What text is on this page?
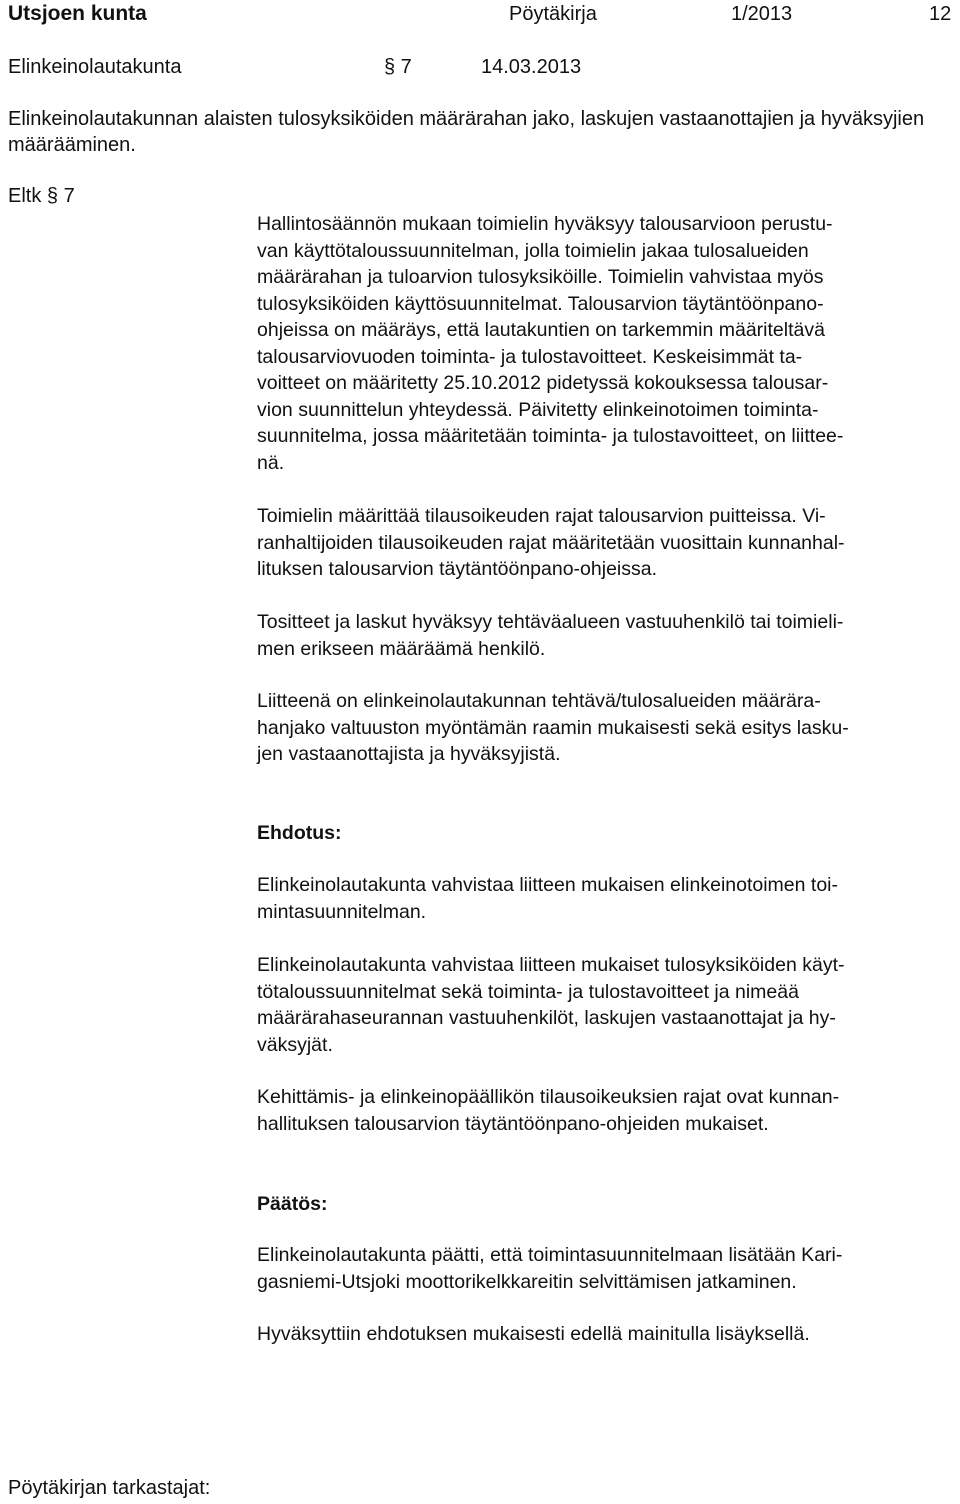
Utsjoen kunta	Pöytäkirja	1/2013	12
Elinkeinolautakunta	§ 7	14.03.2013
Elinkeinolautakunnan alaisten tulosyksiköiden määrärahan jako, laskujen vastaanottajien ja hyväksyjien määrääminen.
Eltk § 7

Hallintosäännön mukaan toimielin hyväksyy talousarvioon perustu-
van käyttötaloussuunnitelman, jolla toimielin jakaa tulosalueiden
määrärahan ja tuloarvion tulosyksiköille. Toimielin vahvistaa myös
tulosyksiköiden käyttösuunnitelmat. Talousarvion täytäntöönpano-
ohjeissa on määräys, että lautakuntien on tarkemmin määriteltävä
talousarviovuoden toiminta- ja tulostavoitteet. Keskeisimmät ta-
voitteet on määritetty 25.10.2012 pidetyssä kokouksessa talousar-
vion suunnittelun yhteydessä. Päivitetty elinkeinotoimen toiminta-
suunnitelma, jossa määritetään toiminta- ja tulostavoitteet, on liittee-
nä.

Toimielin määrittää tilausoikeuden rajat talousarvion puitteissa. Vi-
ranhaltijoiden tilausoikeuden rajat määritetään vuosittain kunnanhal-
lituksen talousarvion täytäntöönpano-ohjeissa.

Tositteet ja laskut hyväksyy tehtäväalueen vastuuhenkilö tai toimieli-
men erikseen määräämä henkilö.

Liitteenä on elinkeinolautakunnan tehtävä/tulosalueiden määrära-
hanjako valtuuston myöntämän raamin mukaisesti sekä esitys lasku-
jen vastaanottajista ja hyväksyjistä.

Ehdotus:

Elinkeinolautakunta vahvistaa liitteen mukaisen elinkeinotoimen toi-
mintasuunnitelman.

Elinkeinolautakunta vahvistaa liitteen mukaiset tulosyksiköiden käyt-
tötaloussuunnitelmat sekä toiminta- ja tulostavoitteet ja nimeää
määrärahaseurannan vastuuhenkilöt, laskujen vastaanottajat ja hy-
väksyjät.

Kehittämis- ja elinkeinopäällikön tilausoikeuksien rajat ovat kunnan-
hallituksen talousarvion täytäntöönpano-ohjeiden mukaiset.

Päätös:

Elinkeinolautakunta päätti, että toimintasuunnitelmaan lisätään Kari-
gasniemi-Utsjoki moottorikelkkareitin selvittämisen jatkaminen.

Hyväksyttiin ehdotuksen mukaisesti edellä mainitulla lisäyksellä.

Pöytäkirjan tarkastajat:
